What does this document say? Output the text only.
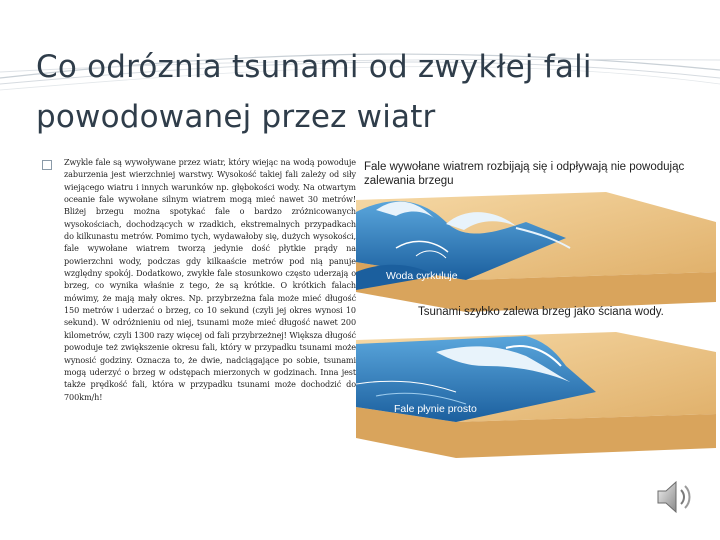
Co odróznia tsunami od zwykłej fali powodowanej przez wiatr
Zwykle fale są wywoływane przez wiatr, który wiejąc na wodą powoduje zaburzenia jest wierzchniej warstwy. Wysokość takiej fali zależy od siły wiejącego wiatru i innych warunków np. głębokości wody. Na otwartym oceanie fale wywołane silnym wiatrem mogą mieć nawet 30 metrów! Bliżej brzegu można spotykać fale o bardzo zróżnicowanych wysokościach, dochodzących w rzadkich, ekstremalnych przypadkach do kilkunastu metrów. Pomimo tych, wydawałoby się, dużych wysokości, fale wywołane wiatrem tworzą jedynie dość płytkie prądy na powierzchni wody, podczas gdy kilkaaście metrów pod nią panuje względny spokój. Dodatkowo, zwykłe fale stosunkowo często uderzają o brzeg, co wynika właśnie z tego, że są krótkie. O krótkich falach mówimy, że mają mały okres. Np. przybrzeżna fala może mieć długość 150 metrów i uderzać o brzeg, co 10 sekund (czyli jej okres wynosi 10 sekund). W odróżnieniu od niej, tsunami może mieć długość nawet 200 kilometrów, czyli 1300 razy więcej od fali przybrzeżnej! Większa długość powoduje też zwiększenie okresu fali, który w przypadku tsunami może wynosić godziny. Oznacza to, że dwie, nadciągające po sobie, tsunami mogą uderzyć o brzeg w odstępach mierzonych w godzinach. Inna jest także prędkość fali, która w przypadku tsunami może dochodzić do 700km/h!
Fale wywołane wiatrem rozbijają się i odpływają nie powodując zalewania brzegu
Woda cyrkuluje
Tsunami szybko zalewa brzeg jako ściana wody.
Fale płynie prosto
